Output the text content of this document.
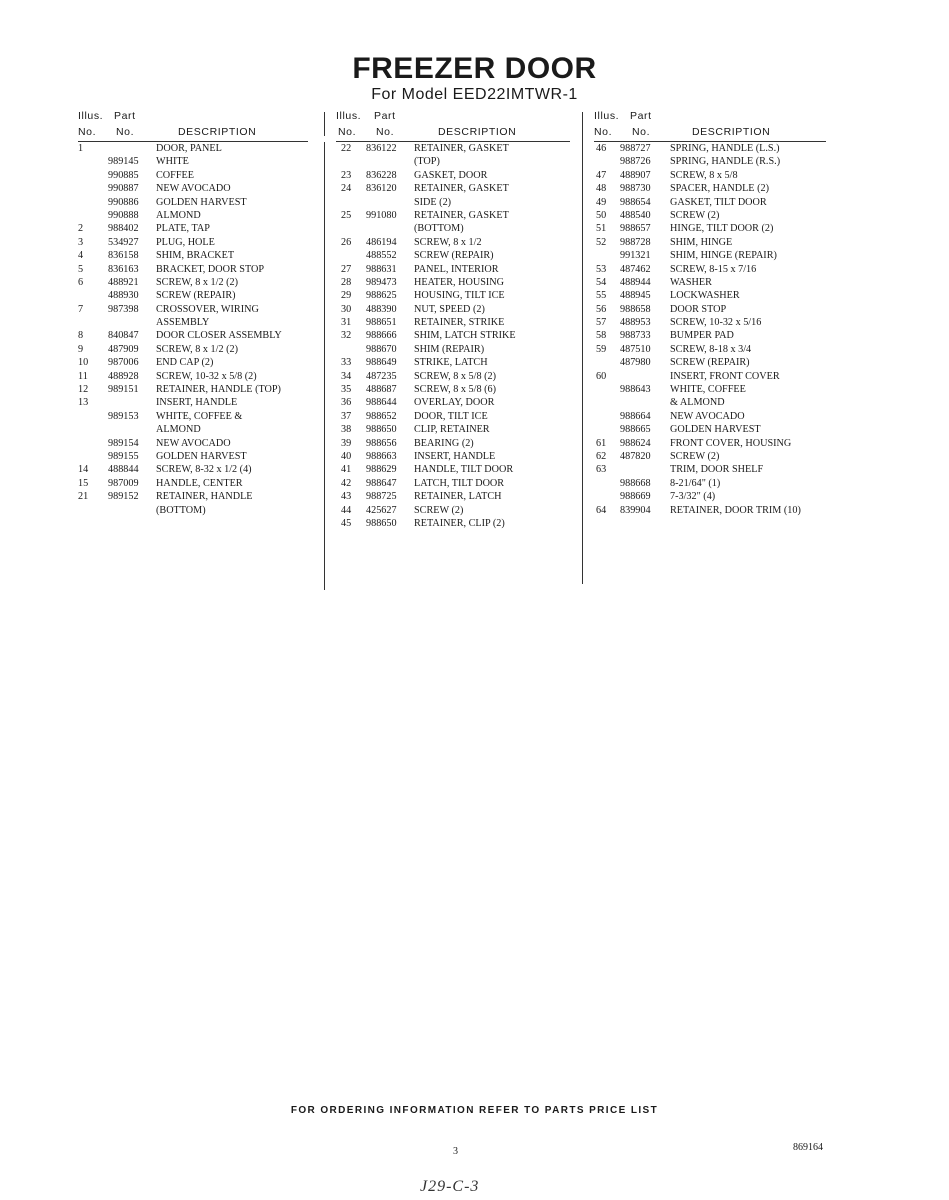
FREEZER DOOR
For Model EED22IMTWR-1
Illus. Part
No. No.	DESCRIPTION
1	DOOR, PANEL
989145 WHITE
990885 COFFEE
990887 NEW AVOCADO
990886 GOLDEN HARVEST
990888 ALMOND
2 988402 PLATE, TAP
3 534927 PLUG, HOLE
4 836158 SHIM, BRACKET
5 836163 BRACKET, DOOR STOP
6 488921 SCREW, 8 x 1/2 (2)
488930 SCREW (REPAIR)
7 987398 CROSSOVER, WIRING
ASSEMBLY
8 840847 DOOR CLOSER ASSEMBLY
9 487909 SCREW, 8 x 1/2 (2)
10 987006 END CAP (2)
11 488928 SCREW, 10-32 x 5/8 (2)
12 989151 RETAINER, HANDLE (TOP)
13	INSERT, HANDLE
989153 WHITE, COFFEE &
ALMOND
989154 NEW AVOCADO
989155 GOLDEN HARVEST
14 488844 SCREW, 8-32 x 1/2 (4)
15 987009 HANDLE, CENTER
21 989152 RETAINER, HANDLE
(BOTTOM)
Illus. Part
No. No.	DESCRIPTION
22 836122 RETAINER, GASKET
(TOP)
23 836228 GASKET, DOOR
24 836120 RETAINER, GASKET
SIDE (2)
25 991080 RETAINER, GASKET
(BOTTOM)
26 486194 SCREW, 8 x 1/2
488552 SCREW (REPAIR)
27 988631 PANEL, INTERIOR
28 989473 HEATER, HOUSING
29 988625 HOUSING, TILT ICE
30 488390 NUT, SPEED (2)
31 988651 RETAINER, STRIKE
32 988666 SHIM, LATCH STRIKE
988670 SHIM (REPAIR)
33 988649 STRIKE, LATCH
34 487235 SCREW, 8 x 5/8 (2)
35 488687 SCREW, 8 x 5/8 (6)
36 988644 OVERLAY, DOOR
37 988652 DOOR, TILT ICE
38 988650 CLIP, RETAINER
39 988656 BEARING (2)
40 988663 INSERT, HANDLE
41 988629 HANDLE, TILT DOOR
42 988647 LATCH, TILT DOOR
43 988725 RETAINER, LATCH
44 425627 SCREW (2)
45 988650 RETAINER, CLIP (2)
Illus. Part
No. No.	DESCRIPTION
46 988727 SPRING, HANDLE (L.S.)
988726 SPRING, HANDLE (R.S.)
47 488907 SCREW, 8 x 5/8
48 988730 SPACER, HANDLE (2)
49 988654 GASKET, TILT DOOR
50 488540 SCREW (2)
51 988657 HINGE, TILT DOOR (2)
52 988728 SHIM, HINGE
991321 SHIM, HINGE (REPAIR)
53 487462 SCREW, 8-15 x 7/16
54 488944 WASHER
55 488945 LOCKWASHER
56 988658 DOOR STOP
57 488953 SCREW, 10-32 x 5/16
58 988733 BUMPER PAD
59 487510 SCREW, 8-18 x 3/4
487980 SCREW (REPAIR)
60	INSERT, FRONT COVER
988643 WHITE, COFFEE
& ALMOND
988664 NEW AVOCADO
988665 GOLDEN HARVEST
61 988624 FRONT COVER, HOUSING
62 487820 SCREW (2)
63	TRIM, DOOR SHELF
988668 8-21/64" (1)
988669 7-3/32" (4)
64 839904 RETAINER, DOOR TRIM (10)
FOR ORDERING INFORMATION REFER TO PARTS PRICE LIST
3	869164
J29-C-3
